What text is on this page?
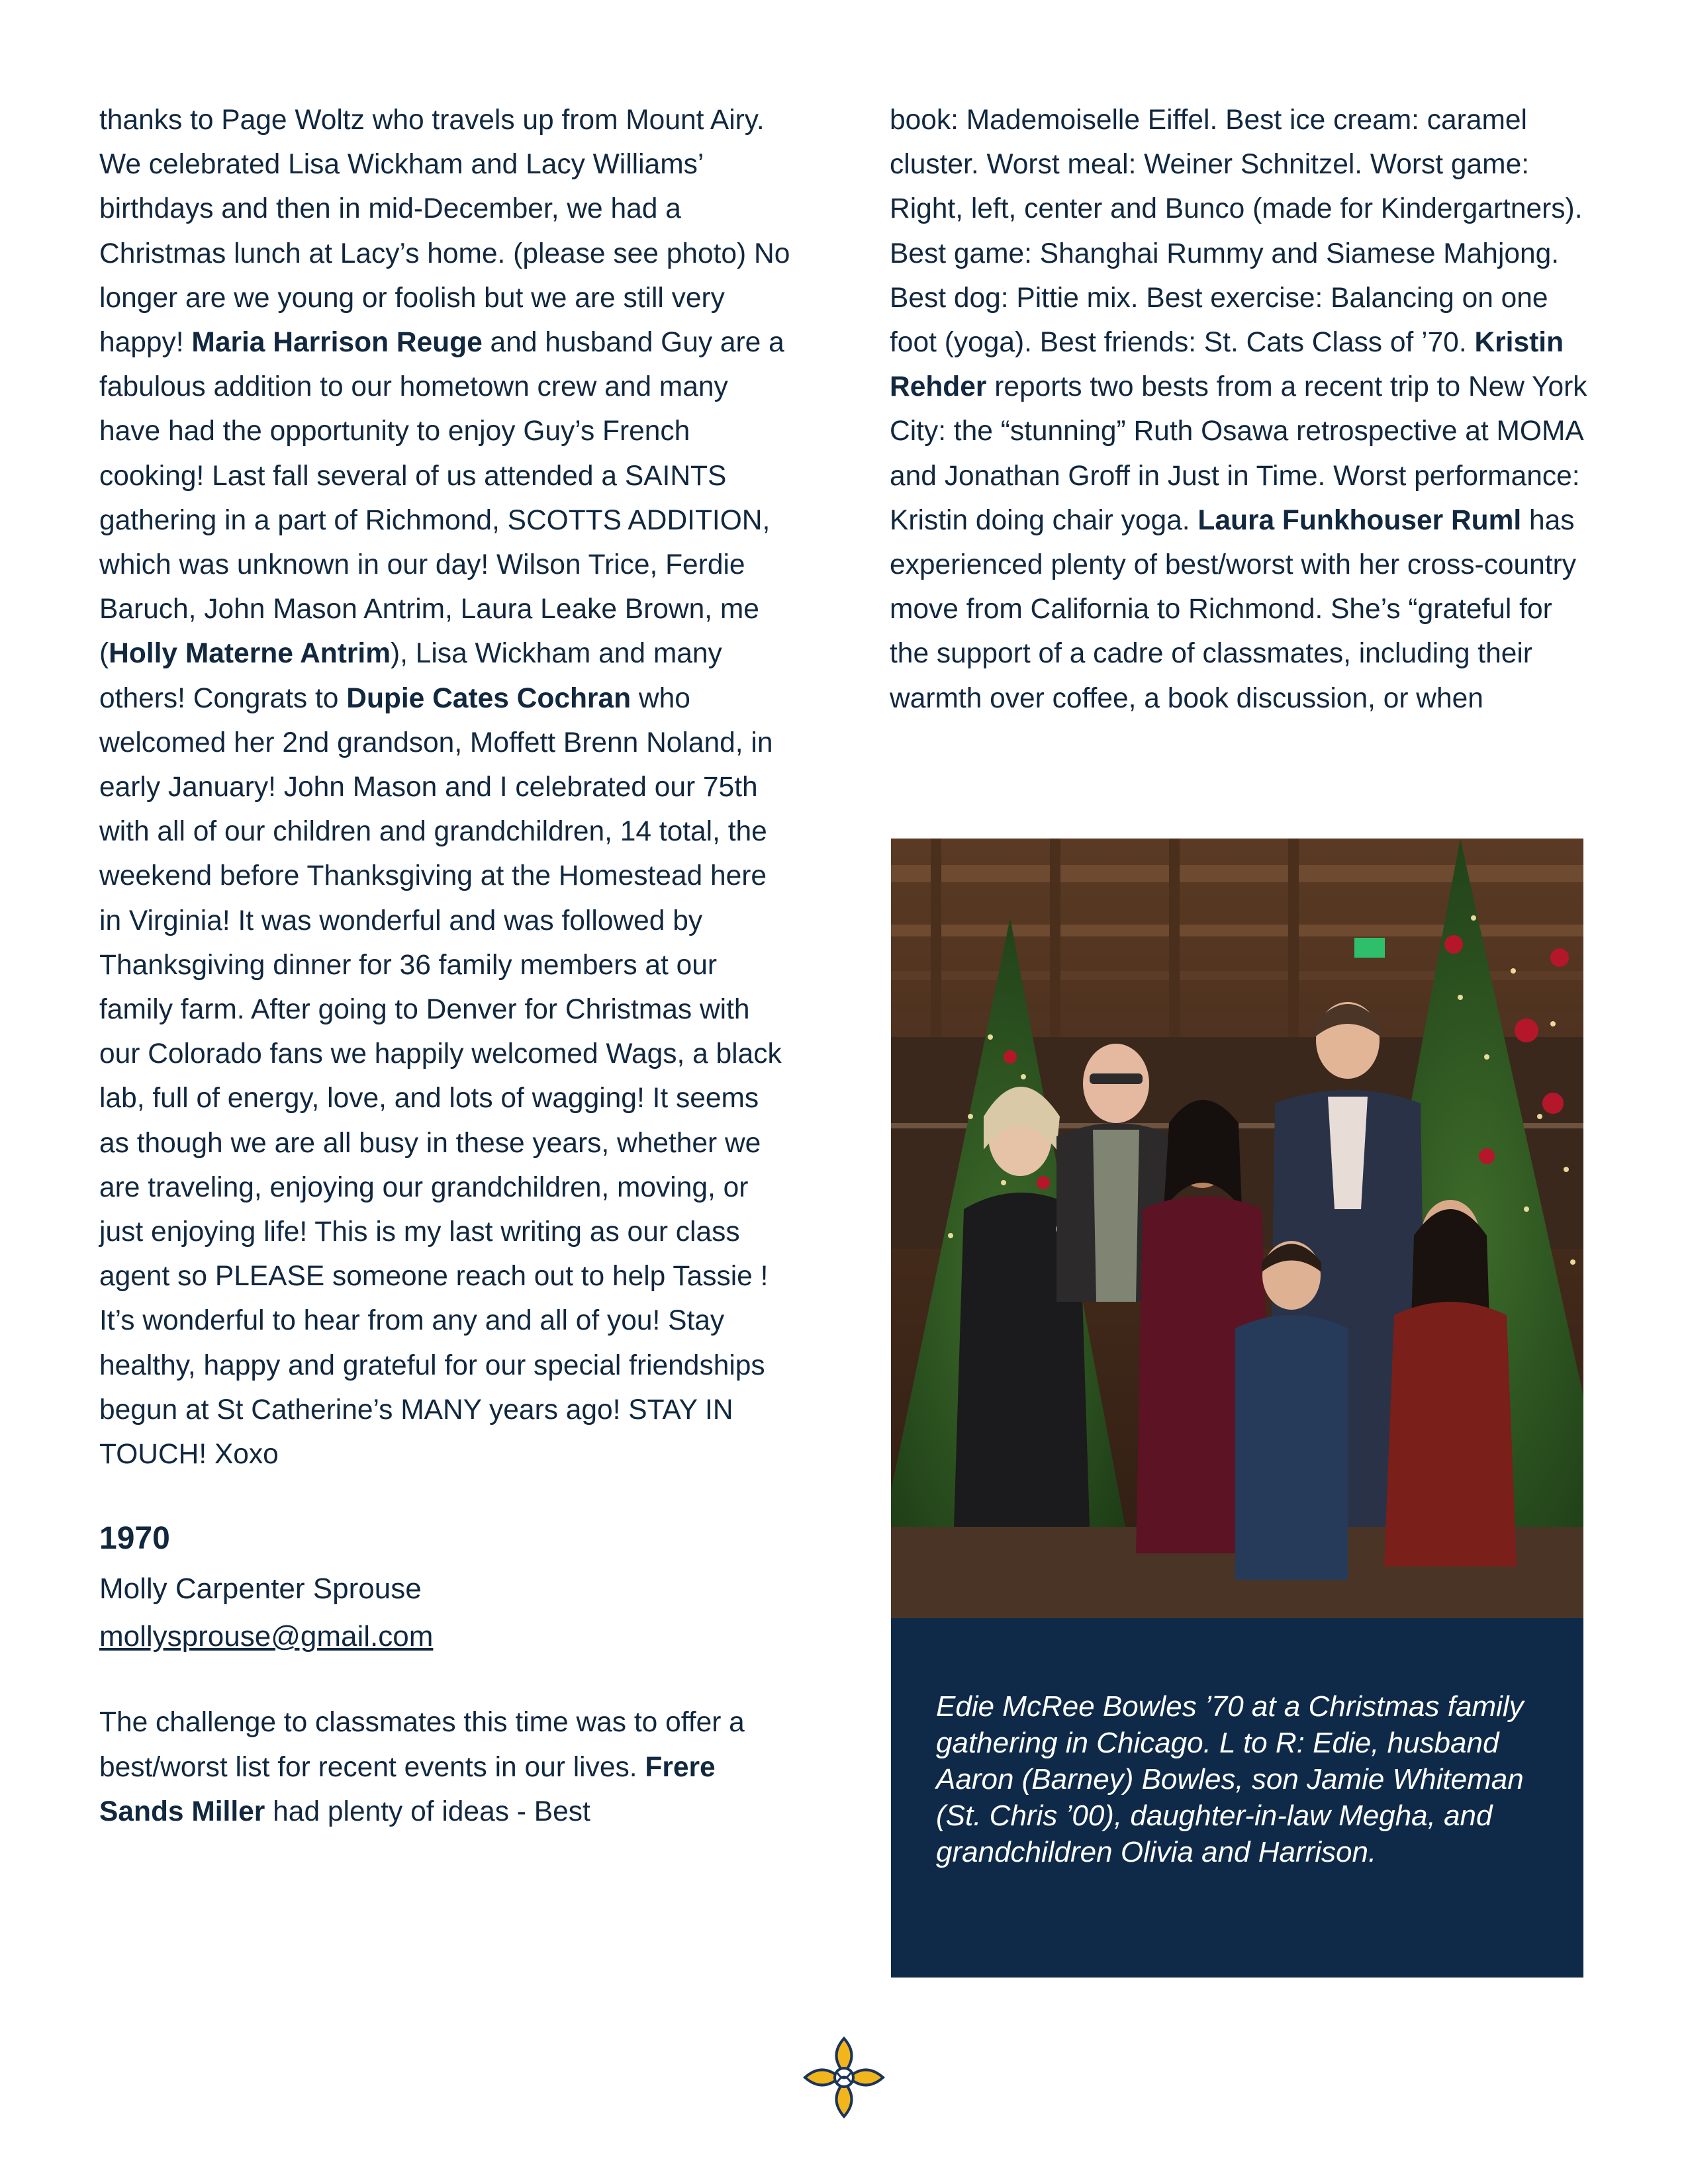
thanks to Page Woltz who travels up from Mount Airy. We celebrated Lisa Wickham and Lacy Williams’ birthdays and then in mid-December, we had a Christmas lunch at Lacy’s home. (please see photo) No longer are we young or foolish but we are still very happy! Maria Harrison Reuge and husband Guy are a fabulous addition to our hometown crew and many have had the opportunity to enjoy Guy’s French cooking! Last fall several of us attended a SAINTS gathering in a part of Richmond, SCOTTS ADDITION, which was unknown in our day! Wilson Trice, Ferdie Baruch, John Mason Antrim, Laura Leake Brown, me (Holly Materne Antrim), Lisa Wickham and many others! Congrats to Dupie Cates Cochran who welcomed her 2nd grandson, Moffett Brenn Noland, in early January! John Mason and I celebrated our 75th with all of our children and grandchildren, 14 total, the weekend before Thanksgiving at the Homestead here in Virginia! It was wonderful and was followed by Thanksgiving dinner for 36 family members at our family farm. After going to Denver for Christmas with our Colorado fans we happily welcomed Wags, a black lab, full of energy, love, and lots of wagging! It seems as though we are all busy in these years, whether we are traveling, enjoying our grandchildren, moving, or just enjoying life! This is my last writing as our class agent so PLEASE someone reach out to help Tassie ! It’s wonderful to hear from any and all of you! Stay healthy, happy and grateful for our special friendships begun at St Catherine’s MANY years ago! STAY IN TOUCH! Xoxo

1970

Molly Carpenter Sprouse

mollysprouse@gmail.com

The challenge to classmates this time was to offer a best/worst list for recent events in our lives. Frere Sands Miller had plenty of ideas - Best

book: Mademoiselle Eiffel. Best ice cream: caramel cluster. Worst meal: Weiner Schnitzel. Worst game: Right, left, center and Bunco (made for Kindergartners). Best game: Shanghai Rummy and Siamese Mahjong. Best dog: Pittie mix. Best exercise: Balancing on one foot (yoga). Best friends: St. Cats Class of ’70. Kristin Rehder reports two bests from a recent trip to New York City: the “stunning” Ruth Osawa retrospective at MOMA and Jonathan Groff in Just in Time. Worst performance: Kristin doing chair yoga. Laura Funkhouser Ruml has experienced plenty of best/worst with her cross-country move from California to Richmond. She’s “grateful for the support of a cadre of classmates, including their warmth over coffee, a book discussion, or when

Edie McRee Bowles ’70 at a Christmas family gathering in Chicago. L to R: Edie, husband Aaron (Barney) Bowles, son Jamie Whiteman (St. Chris ’00), daughter-in-law Megha, and grandchildren Olivia and Harrison.
